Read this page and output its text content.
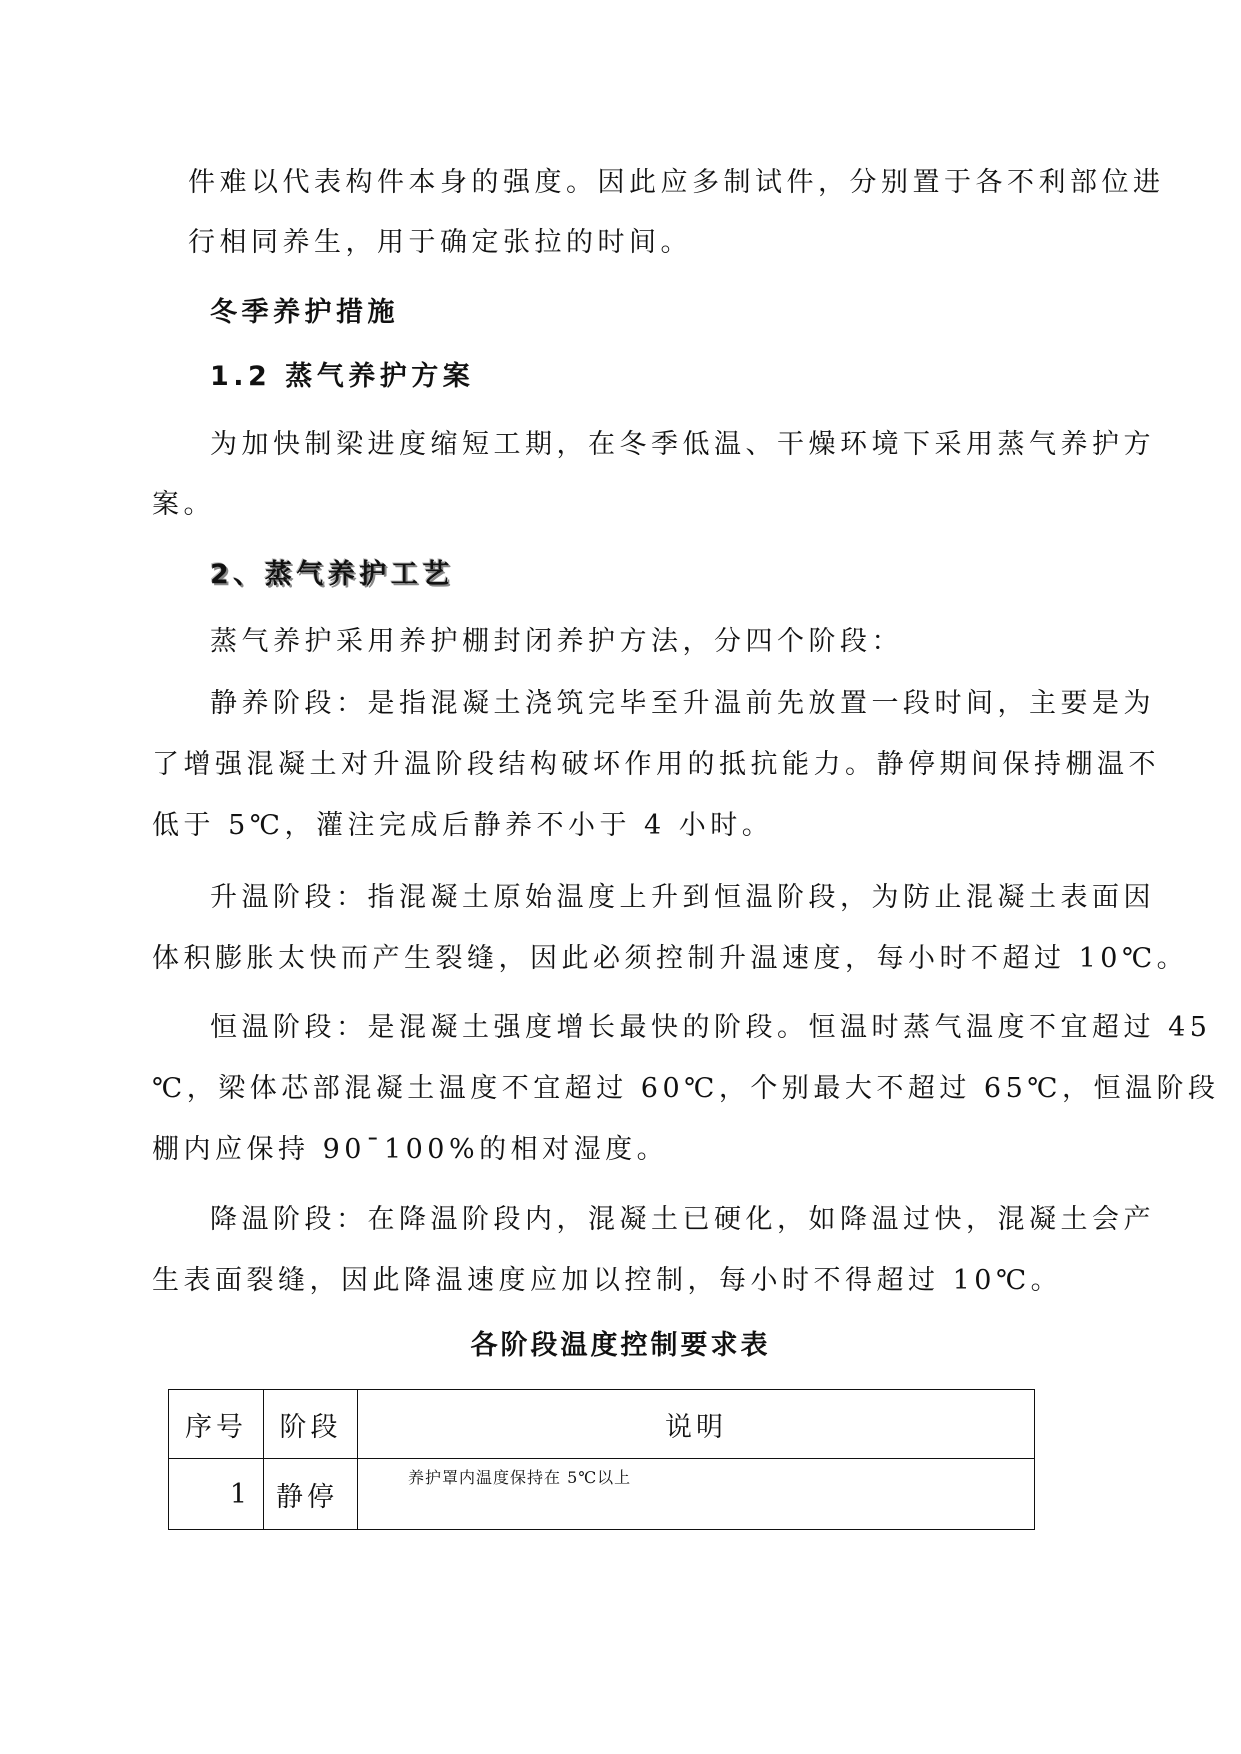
件难以代表构件本身的强度。因此应多制试件，分别置于各不利部位进
行相同养生，用于确定张拉的时间。
冬季养护措施
1.2 蒸气养护方案
为加快制梁进度缩短工期，在冬季低温、干燥环境下采用蒸气养护方
案。
2、蒸气养护工艺
蒸气养护采用养护棚封闭养护方法，分四个阶段：
静养阶段：是指混凝土浇筑完毕至升温前先放置一段时间，主要是为
了增强混凝土对升温阶段结构破坏作用的抵抗能力。静停期间保持棚温不
低于 5℃，灌注完成后静养不小于 4 小时。
升温阶段：指混凝土原始温度上升到恒温阶段，为防止混凝土表面因
体积膨胀太快而产生裂缝，因此必须控制升温速度，每小时不超过 10℃。
恒温阶段：是混凝土强度增长最快的阶段。恒温时蒸气温度不宜超过 45
℃，梁体芯部混凝土温度不宜超过 60℃，个别最大不超过 65℃，恒温阶段
棚内应保持 90¯100%的相对湿度。
降温阶段：在降温阶段内，混凝土已硬化，如降温过快，混凝土会产
生表面裂缝，因此降温速度应加以控制，每小时不得超过 10℃。
各阶段温度控制要求表
序号	阶段	说明
1	静停	养护罩内温度保持在 5℃以上
